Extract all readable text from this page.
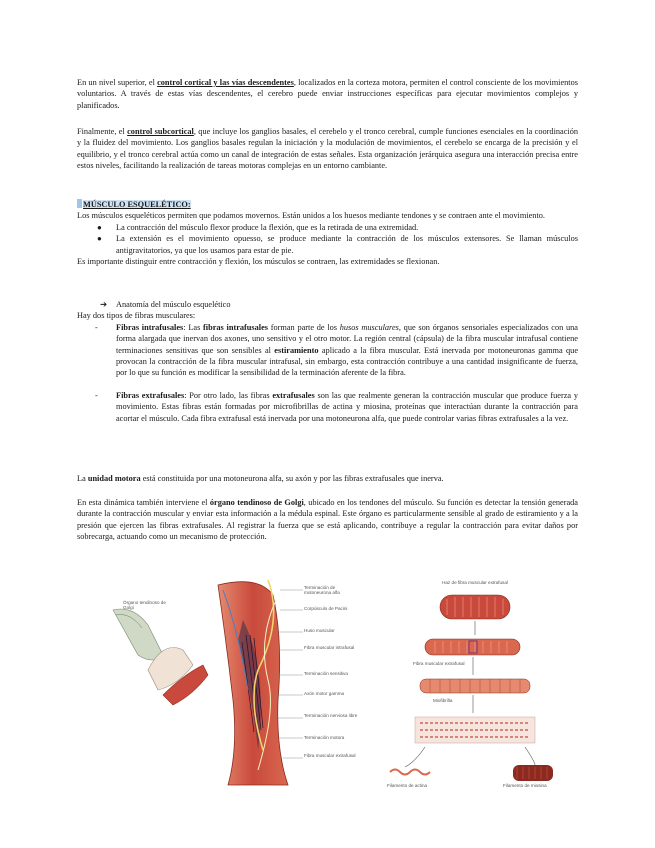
En un nivel superior, el control cortical y las vías descendentes, localizados en la corteza motora, permiten el control consciente de los movimientos voluntarios. A través de estas vías descendentes, el cerebro puede enviar instrucciones específicas para ejecutar movimientos complejos y planificados.

Finalmente, el control subcortical, que incluye los ganglios basales, el cerebelo y el tronco cerebral, cumple funciones esenciales en la coordinación y la fluidez del movimiento. Los ganglios basales regulan la iniciación y la modulación de movimientos, el cerebelo se encarga de la precisión y el equilibrio, y el tronco cerebral actúa como un canal de integración de estas señales. Esta organización jerárquica asegura una interacción precisa entre estos niveles, facilitando la realización de tareas motoras complejas en un entorno cambiante.

MÚSCULO ESQUELÉTICO:

Los músculos esqueléticos permiten que podamos movernos. Están unidos a los huesos mediante tendones y se contraen ante el movimiento.

● La contracción del músculo flexor produce la flexión, que es la retirada de una extremidad.
● La extensión es el movimiento opuesso, se produce mediante la contracción de los músculos extensores. Se llaman músculos antigravitatorios, ya que los usamos para estar de pie.

Es importante distinguir entre contracción y flexión, los músculos se contraen, las extremidades se flexionan.

➔ Anatomía del músculo esquelético

Hay dos tipos de fibras musculares:

- Fibras intrafusales: Las fibras intrafusales forman parte de los husos musculares, que son órganos sensoriales especializados con una forma alargada que inervan dos axones, uno sensitivo y el otro motor. La región central (cápsula) de la fibra muscular intrafusal contiene terminaciones sensitivas que son sensibles al estiramiento aplicado a la fibra muscular. Está inervada por motoneuronas gamma que provocan la contracción de la fibra muscular intrafusal, sin embargo, esta contracción contribuye a una cantidad insignificante de fuerza, por lo que su función es modificar la sensibilidad de la terminación aferente de la fibra.

- Fibras extrafusales: Por otro lado, las fibras extrafusales son las que realmente generan la contracción muscular que produce fuerza y movimiento. Estas fibras están formadas por microfibrillas de actina y miosina, proteínas que interactúan durante la contracción para acortar el músculo. Cada fibra extrafusal está inervada por una motoneurona alfa, que puede controlar varias fibras extrafusales a la vez.

La unidad motora está constituida por una motoneurona alfa, su axón y por las fibras extrafusales que inerva.

En esta dinámica también interviene el órgano tendinoso de Golgi, ubicado en los tendones del músculo. Su función es detectar la tensión generada durante la contracción muscular y enviar esta información a la médula espinal. Este órgano es particularmente sensible al grado de estiramiento y a la presión que ejercen las fibras extrafusales. Al registrar la fuerza que se está aplicando, contribuye a regular la contracción para evitar daños por sobrecarga, actuando como un mecanismo de protección.

Órgano tendinoso de Golgi
Terminación de motoneurona alfa
Corpúsculo de Pacini
Huso muscular
Fibra muscular intrafusal
Terminación sensitiva
Axón motor gamma
Terminación nerviosa libre
Terminación motora
Fibra muscular extrafusal
Haz de fibra muscular extrafusal
Fibra muscular extrafusal
Miofibrilla
Filamento de actina	Filamento de miosina
